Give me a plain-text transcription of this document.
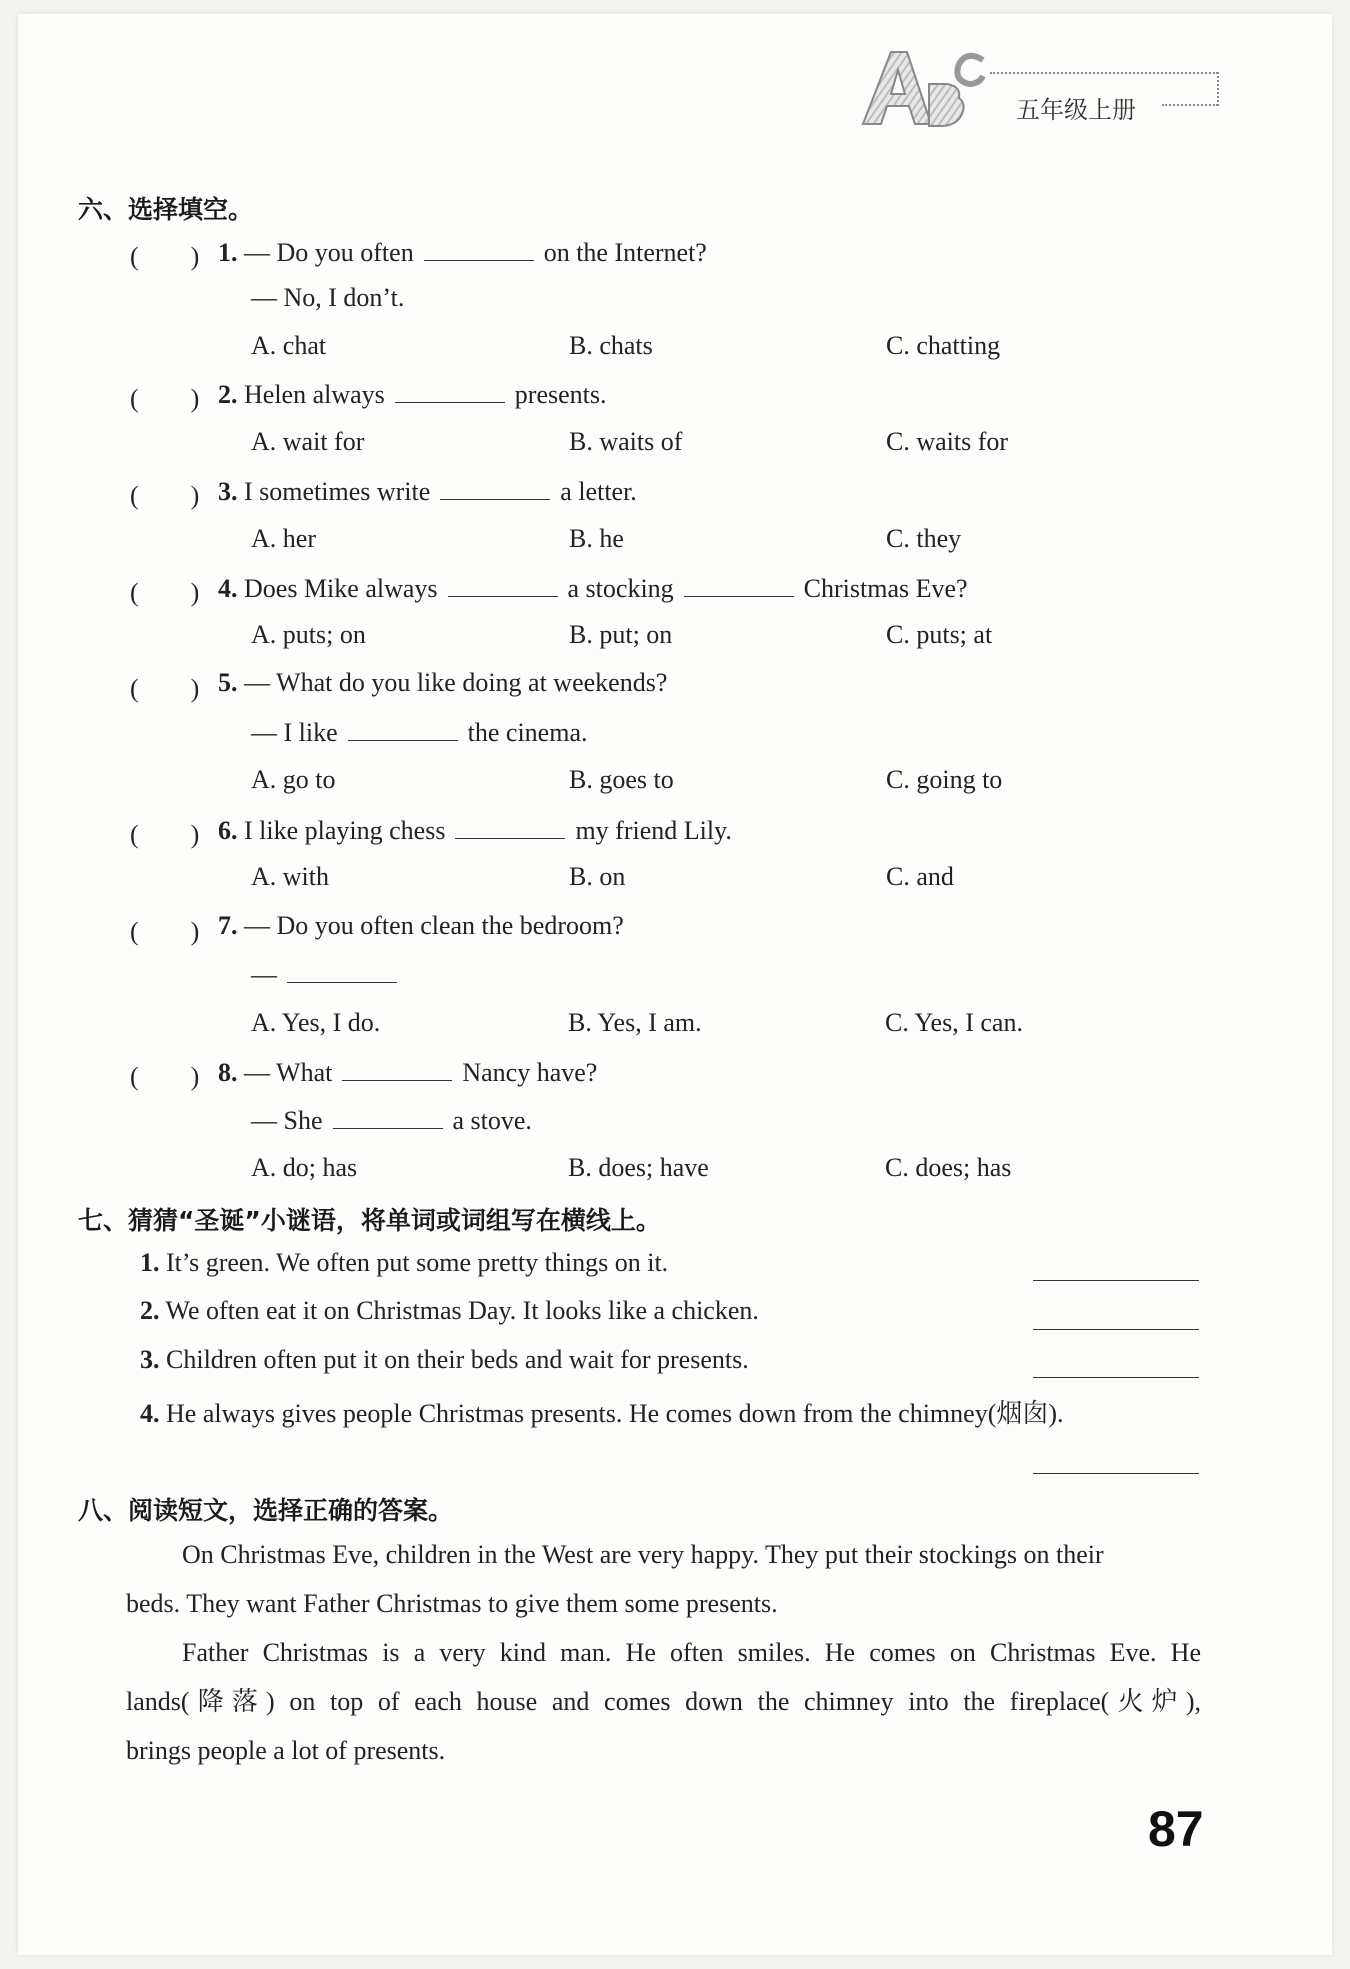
五年级上册
六、选择填空。
(　　) 1. — Do you often	on the Internet?
— No, I don’t.
A. chat	B. chats	C. chatting
(　　) 2. Helen always	presents.
A. wait for	B. waits of	C. waits for
(　　) 3. I sometimes write	a letter.
A. her	B. he	C. they
(　　) 4. Does Mike always	a stocking	Christmas Eve?
A. puts; on	B. put; on	C. puts; at
(　　) 5. — What do you like doing at weekends?
— I like	the cinema.
A. go to	B. goes to	C. going to
(　　) 6. I like playing chess	my friend Lily.
A. with	B. on	C. and
(　　) 7. — Do you often clean the bedroom?
—
A. Yes, I do.	B. Yes, I am.	C. Yes, I can.
(　　) 8. — What	Nancy have?
— She	a stove.
A. do; has	B. does; have	C. does; has
七、猜猜“圣诞”小谜语，将单词或词组写在横线上。
1. It’s green. We often put some pretty things on it.
2. We often eat it on Christmas Day. It looks like a chicken.
3. Children often put it on their beds and wait for presents.
4. He always gives people Christmas presents. He comes down from the chimney(烟囱).
八、阅读短文，选择正确的答案。
On Christmas Eve, children in the West are very happy. They put their stockings on their
beds. They want Father Christmas to give them some presents.
Father Christmas is a very kind man. He often smiles. He comes on Christmas Eve. He
lands(降落) on top of each house and comes down the chimney into the fireplace(火炉),
brings people a lot of presents.
87
